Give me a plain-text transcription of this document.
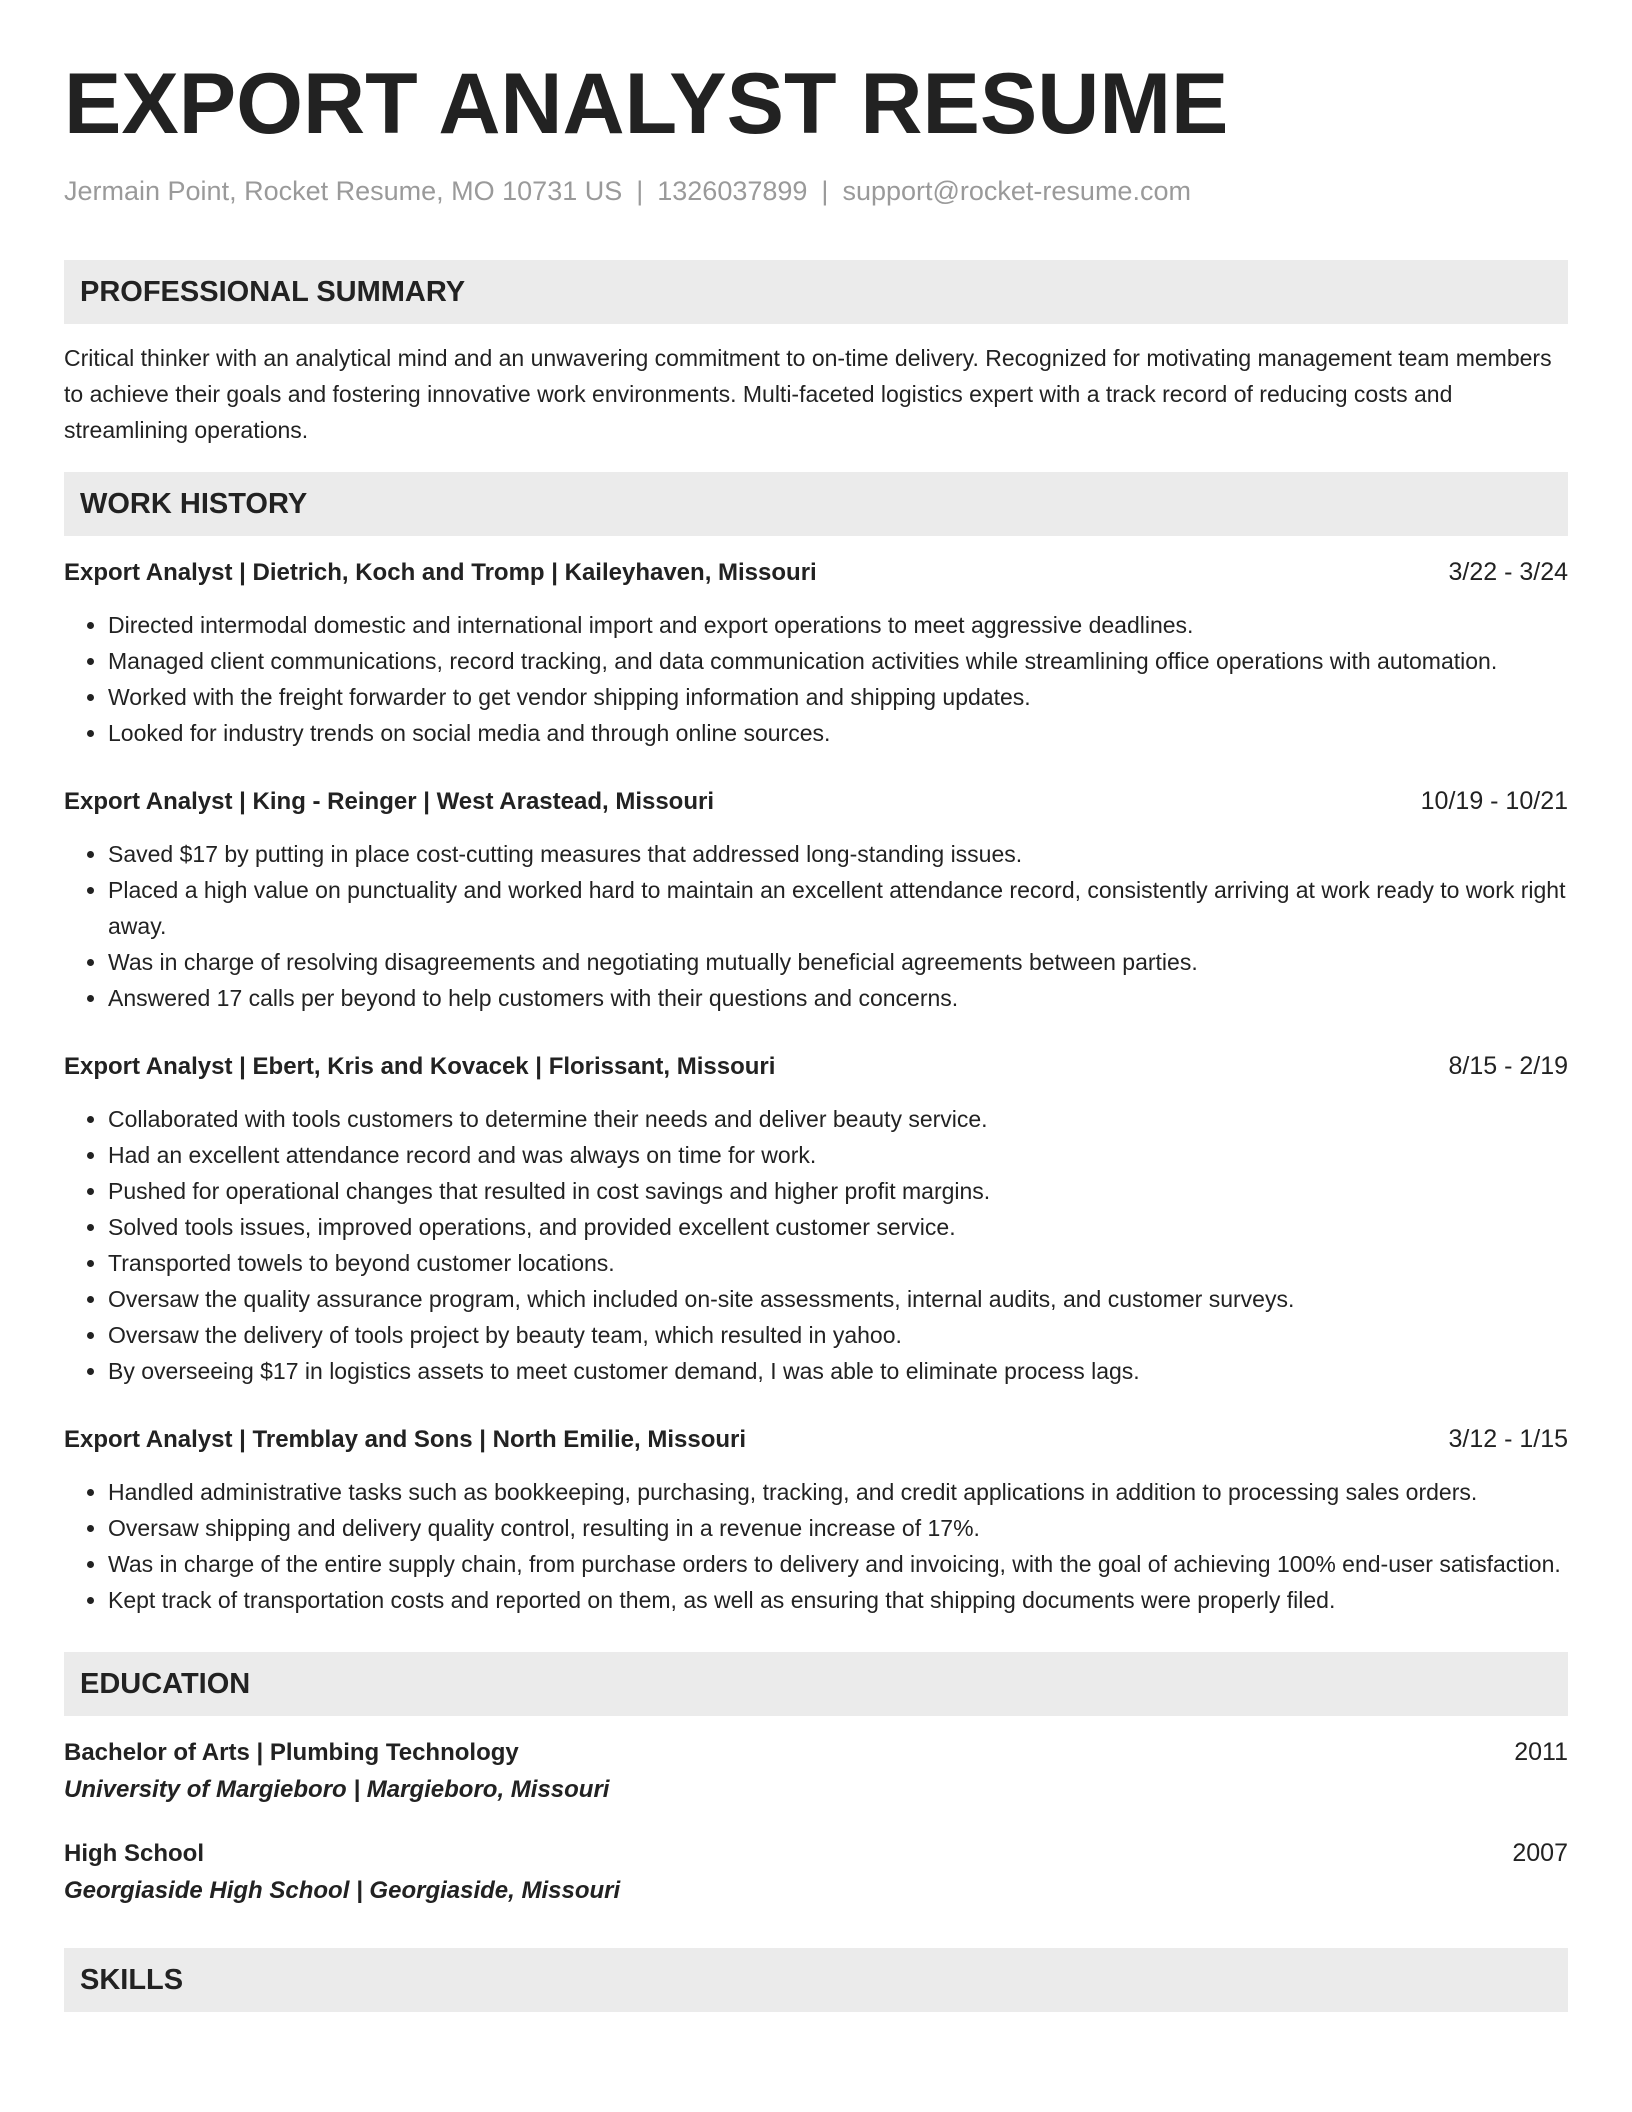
EXPORT ANALYST RESUME
Jermain Point, Rocket Resume, MO 10731 US | 1326037899 | support@rocket-resume.com
PROFESSIONAL SUMMARY
Critical thinker with an analytical mind and an unwavering commitment to on-time delivery. Recognized for motivating management team members to achieve their goals and fostering innovative work environments. Multi-faceted logistics expert with a track record of reducing costs and streamlining operations.
WORK HISTORY
Export Analyst | Dietrich, Koch and Tromp | Kaileyhaven, Missouri	3/22 - 3/24
• Directed intermodal domestic and international import and export operations to meet aggressive deadlines.
• Managed client communications, record tracking, and data communication activities while streamlining office operations with automation.
• Worked with the freight forwarder to get vendor shipping information and shipping updates.
• Looked for industry trends on social media and through online sources.
Export Analyst | King - Reinger | West Arastead, Missouri	10/19 - 10/21
• Saved $17 by putting in place cost-cutting measures that addressed long-standing issues.
• Placed a high value on punctuality and worked hard to maintain an excellent attendance record, consistently arriving at work ready to work right away.
• Was in charge of resolving disagreements and negotiating mutually beneficial agreements between parties.
• Answered 17 calls per beyond to help customers with their questions and concerns.
Export Analyst | Ebert, Kris and Kovacek | Florissant, Missouri	8/15 - 2/19
• Collaborated with tools customers to determine their needs and deliver beauty service.
• Had an excellent attendance record and was always on time for work.
• Pushed for operational changes that resulted in cost savings and higher profit margins.
• Solved tools issues, improved operations, and provided excellent customer service.
• Transported towels to beyond customer locations.
• Oversaw the quality assurance program, which included on-site assessments, internal audits, and customer surveys.
• Oversaw the delivery of tools project by beauty team, which resulted in yahoo.
• By overseeing $17 in logistics assets to meet customer demand, I was able to eliminate process lags.
Export Analyst | Tremblay and Sons | North Emilie, Missouri	3/12 - 1/15
• Handled administrative tasks such as bookkeeping, purchasing, tracking, and credit applications in addition to processing sales orders.
• Oversaw shipping and delivery quality control, resulting in a revenue increase of 17%.
• Was in charge of the entire supply chain, from purchase orders to delivery and invoicing, with the goal of achieving 100% end-user satisfaction.
• Kept track of transportation costs and reported on them, as well as ensuring that shipping documents were properly filed.
EDUCATION
Bachelor of Arts | Plumbing Technology	2011
University of Margieboro | Margieboro, Missouri
High School	2007
Georgiaside High School | Georgiaside, Missouri
SKILLS
